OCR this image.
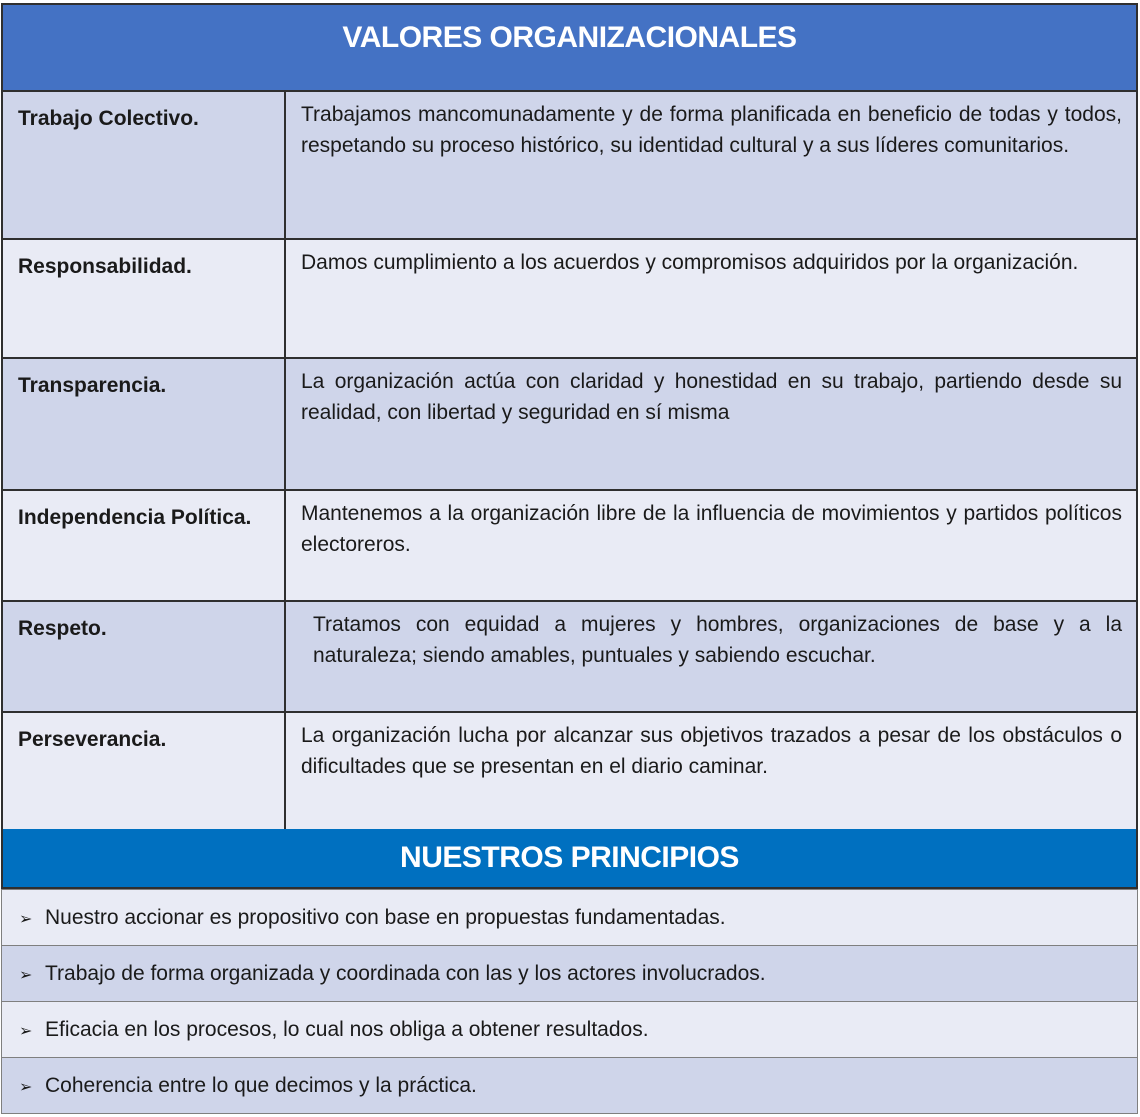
VALORES ORGANIZACIONALES
Trabajo Colectivo.	Trabajamos mancomunadamente y de forma planificada en beneficio de todas y todos, respetando su proceso histórico, su identidad cultural y a sus líderes comunitarios.
Responsabilidad.	Damos cumplimiento a los acuerdos y compromisos adquiridos por la organización.
Transparencia.	La organización actúa con claridad y honestidad en su trabajo, partiendo desde su realidad, con libertad y seguridad en sí misma
Independencia Política.	Mantenemos a la organización libre de la influencia de movimientos y partidos políticos electoreros.
Respeto.	Tratamos con equidad a mujeres y hombres, organizaciones de base y a la naturaleza; siendo amables, puntuales y sabiendo escuchar.
Perseverancia.	La organización lucha por alcanzar sus objetivos trazados a pesar de los obstáculos o dificultades que se presentan en el diario caminar.
NUESTROS PRINCIPIOS
➢ Nuestro accionar es propositivo con base en propuestas fundamentadas.
➢ Trabajo de forma organizada y coordinada con las y los actores involucrados.
➢ Eficacia en los procesos, lo cual nos obliga a obtener resultados.
➢ Coherencia entre lo que decimos y la práctica.
